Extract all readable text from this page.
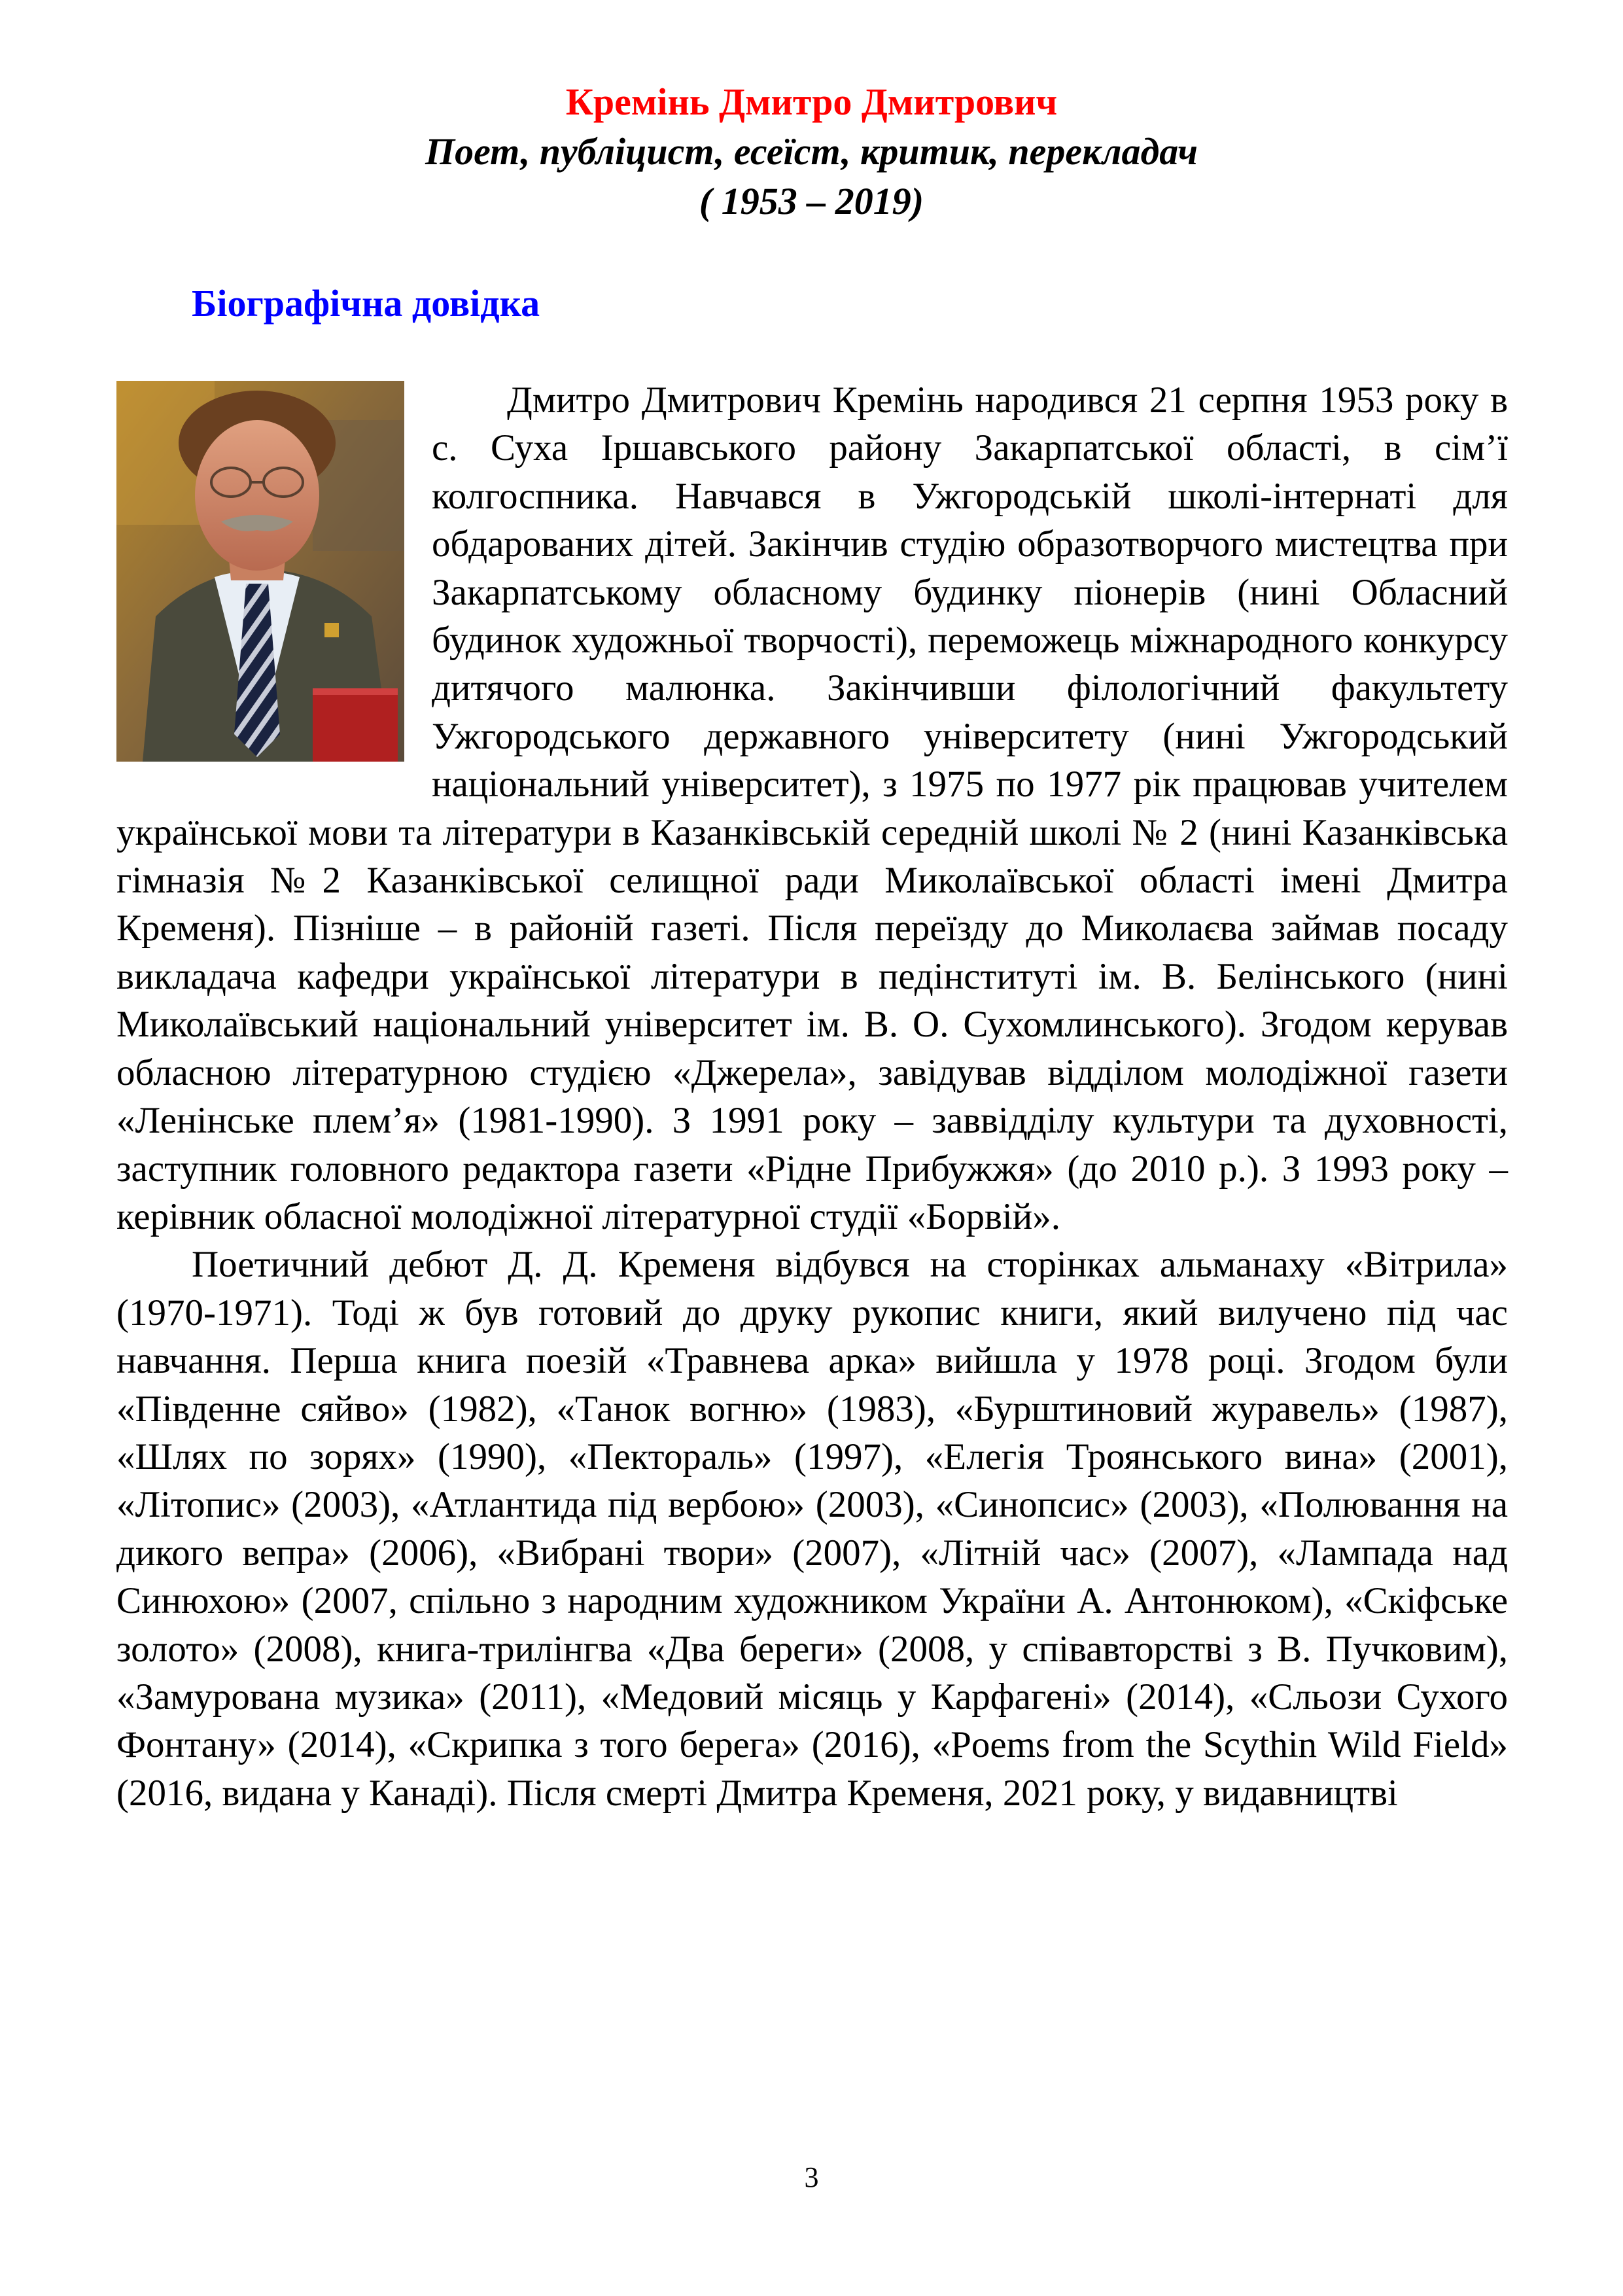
Кремінь Дмитро Дмитрович
Поет, публіцист, есеїст, критик, перекладач
( 1953 – 2019)
Біографічна довідка

Дмитро Дмитрович Кремінь народився 21 серпня 1953 року в с. Суха Іршавського району Закарпатської області, в сім’ї колгоспника. Навчався в Ужгородській школі-інтернаті для обдарованих дітей. Закінчив студію образотворчого мистецтва при Закарпатському обласному будинку піонерів (нині Обласний будинок художньої творчості), переможець міжнародного конкурсу дитячого малюнка. Закінчивши філологічний факультету Ужгородського державного університету (нині Ужгородський національний університет), з 1975 по 1977 рік працював учителем української мови та літератури в Казанківській середній школі № 2 (нині Казанківська гімназія №2 Казанківської селищної ради Миколаївської області імені Дмитра Кременя). Пізніше – в районій газеті. Після переїзду до Миколаєва займав посаду викладача кафедри української літератури в педінституті ім. В. Белінського (нині Миколаївський національний університет ім. В. О. Сухомлинського). Згодом керував обласною літературною студією «Джерела», завідував відділом молодіжної газети «Ленінське плем’я» (1981-1990). З 1991 року – заввідділу культури та духовності, заступник головного редактора газети «Рідне Прибужжя» (до 2010 р.). З 1993 року – керівник обласної молодіжної літературної студії «Борвій».

Поетичний дебют Д. Д. Кременя відбувся на сторінках альманаху «Вітрила» (1970-1971). Тоді ж був готовий до друку рукопис книги, який вилучено під час навчання. Перша книга поезій «Травнева арка» вийшла у 1978 році. Згодом були «Південне сяйво» (1982), «Танок вогню» (1983), «Бурштиновий журавель» (1987), «Шлях по зорях» (1990), «Пектораль» (1997), «Елегія Троянського вина» (2001), «Літопис» (2003), «Атлантида під вербою» (2003), «Синопсис» (2003), «Полювання на дикого вепра» (2006), «Вибрані твори» (2007), «Літній час» (2007), «Лампада над Синюхою» (2007, спільно з народним художником України А. Антонюком), «Скіфське золото» (2008), книга-трилінгва «Два береги» (2008, у співавторстві з В. Пучковим), «Замурована музика» (2011), «Медовий місяць у Карфагені» (2014), «Сльози Сухого Фонтану» (2014), «Скрипка з того берега» (2016), «Poems from the Scythin Wild Field» (2016, видана у Канаді). Після смерті Дмитра Кременя, 2021 року, у видавництві

3
